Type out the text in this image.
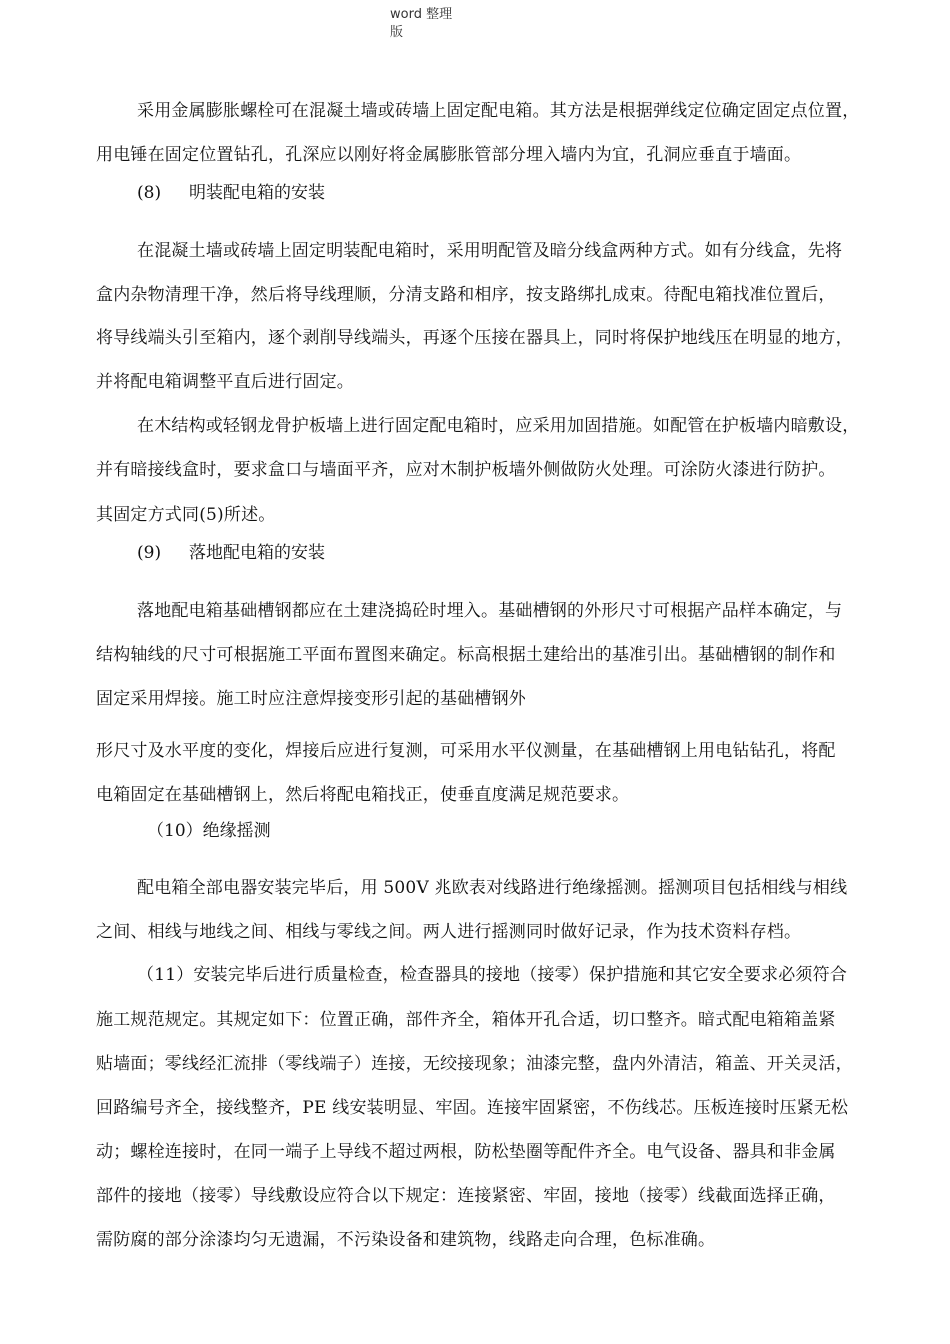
word 整理
版
采用金属膨胀螺栓可在混凝土墙或砖墙上固定配电箱。其方法是根据弹线定位确定固定点位置，
用电锤在固定位置钻孔，孔深应以刚好将金属膨胀管部分埋入墙内为宜，孔洞应垂直于墙面。
(8) 明装配电箱的安装
在混凝土墙或砖墙上固定明装配电箱时，采用明配管及暗分线盒两种方式。如有分线盒，先将
盒内杂物清理干净，然后将导线理顺，分清支路和相序，按支路绑扎成束。待配电箱找准位置后，
将导线端头引至箱内，逐个剥削导线端头，再逐个压接在器具上，同时将保护地线压在明显的地方，
并将配电箱调整平直后进行固定。
在木结构或轻钢龙骨护板墙上进行固定配电箱时，应采用加固措施。如配管在护板墙内暗敷设，
并有暗接线盒时，要求盒口与墙面平齐，应对木制护板墙外侧做防火处理。可涂防火漆进行防护。
其固定方式同(5)所述。
(9) 落地配电箱的安装
落地配电箱基础槽钢都应在土建浇捣砼时埋入。基础槽钢的外形尺寸可根据产品样本确定，与
结构轴线的尺寸可根据施工平面布置图来确定。标高根据土建给出的基准引出。基础槽钢的制作和
固定采用焊接。施工时应注意焊接变形引起的基础槽钢外
形尺寸及水平度的变化，焊接后应进行复测，可采用水平仪测量，在基础槽钢上用电钻钻孔，将配
电箱固定在基础槽钢上，然后将配电箱找正，使垂直度满足规范要求。
（10）绝缘摇测
配电箱全部电器安装完毕后，用 500V 兆欧表对线路进行绝缘摇测。摇测项目包括相线与相线
之间、相线与地线之间、相线与零线之间。两人进行摇测同时做好记录，作为技术资料存档。
（11）安装完毕后进行质量检查，检查器具的接地（接零）保护措施和其它安全要求必须符合
施工规范规定。其规定如下：位置正确，部件齐全，箱体开孔合适，切口整齐。暗式配电箱箱盖紧
贴墙面；零线经汇流排（零线端子）连接，无绞接现象；油漆完整，盘内外清洁，箱盖、开关灵活，
回路编号齐全，接线整齐，PE 线安装明显、牢固。连接牢固紧密，不伤线芯。压板连接时压紧无松
动；螺栓连接时，在同一端子上导线不超过两根，防松垫圈等配件齐全。电气设备、器具和非金属
部件的接地（接零）导线敷设应符合以下规定：连接紧密、牢固，接地（接零）线截面选择正确，
需防腐的部分涂漆均匀无遗漏，不污染设备和建筑物，线路走向合理，色标准确。
